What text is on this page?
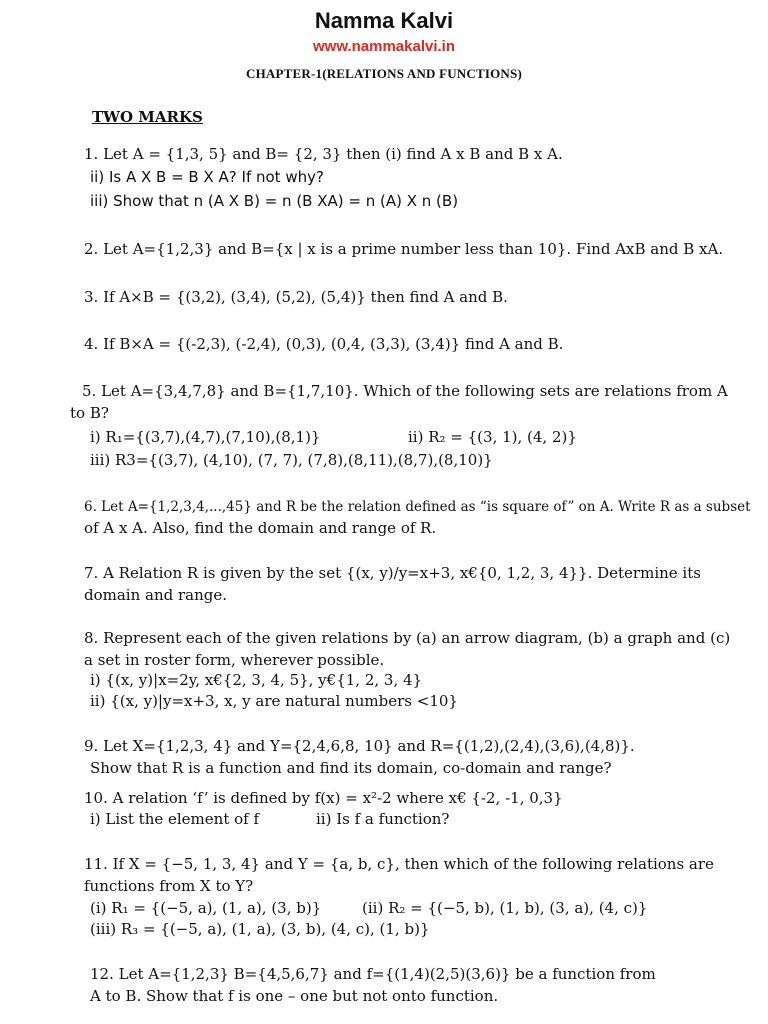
Namma Kalvi
www.nammakalvi.in
CHAPTER-1(RELATIONS AND FUNCTIONS)
TWO MARKS
1. Let A = {1,3, 5} and B= {2, 3} then (i) find A x B and B x A.
ii) Is A X B = B X A? If not why?
iii) Show that n (A X B) = n (B XA) = n (A) X n (B)
2. Let A={1,2,3} and B={x | x is a prime number less than 10}. Find AxB and B xA.
3. If A×B = {(3,2), (3,4), (5,2), (5,4)} then find A and B.
4. If B×A = {(-2,3), (-2,4), (0,3), (0,4, (3,3), (3,4)} find A and B.
5. Let A={3,4,7,8} and B={1,7,10}. Which of the following sets are relations from A
to B?
i) R₁={(3,7),(4,7),(7,10),(8,1)}	ii) R₂ = {(3, 1), (4, 2)}
iii) R3={(3,7), (4,10), (7, 7), (7,8),(8,11),(8,7),(8,10)}
6. Let A={1,2,3,4,...,45} and R be the relation defined as “is square of” on A. Write R as a subset
of A x A. Also, find the domain and range of R.
7. A Relation R is given by the set {(x, y)/y=x+3, x€{0, 1,2, 3, 4}}. Determine its
domain and range.
8. Represent each of the given relations by (a) an arrow diagram, (b) a graph and (c)
a set in roster form, wherever possible.
i) {(x, y)|x=2y, x€{2, 3, 4, 5}, y€{1, 2, 3, 4}
ii) {(x, y)|y=x+3, x, y are natural numbers <10}
9. Let X={1,2,3, 4} and Y={2,4,6,8, 10} and R={(1,2),(2,4),(3,6),(4,8)}.
Show that R is a function and find its domain, co-domain and range?
10. A relation ‘f’ is defined by f(x) = x²-2 where x€ {-2, -1, 0,3}
i) List the element of f	ii) Is f a function?
11. If X = {−5, 1, 3, 4} and Y = {a, b, c}, then which of the following relations are
functions from X to Y?
(i) R₁ = {(−5, a), (1, a), (3, b)}	(ii) R₂ = {(−5, b), (1, b), (3, a), (4, c)}
(iii) R₃ = {(−5, a), (1, a), (3, b), (4, c), (1, b)}
12. Let A={1,2,3} B={4,5,6,7} and f={(1,4)(2,5)(3,6)} be a function from
A to B. Show that f is one – one but not onto function.
